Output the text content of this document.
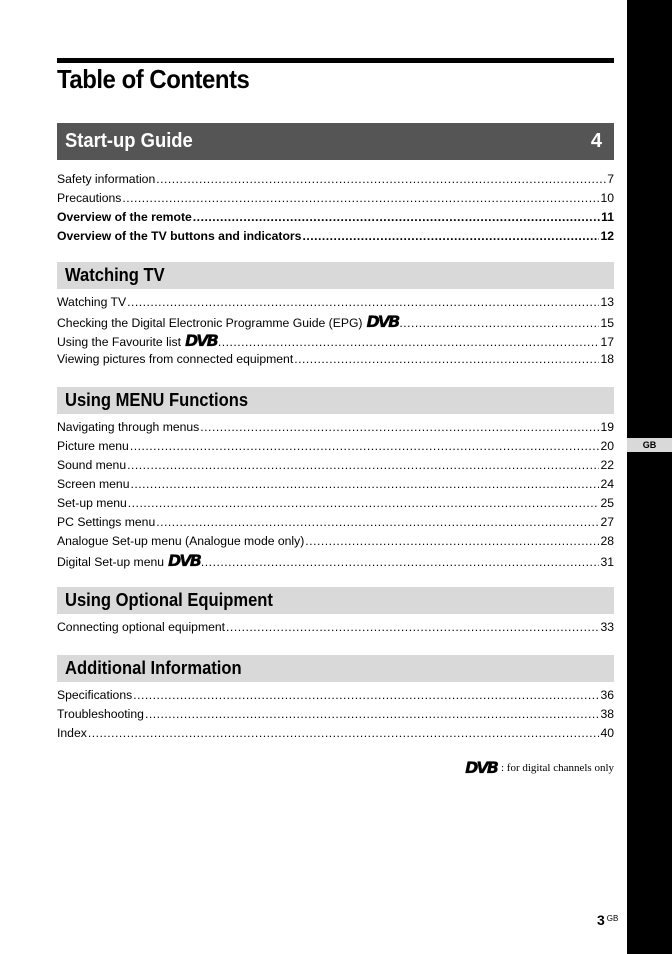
GB
Table of Contents
Start-up Guide	4
Safety information .....	7
Precautions .....	10
Overview of the remote .....	11
Overview of the TV buttons and indicators .....	12
Watching TV
Watching TV .....	13
Checking the Digital Electronic Programme Guide (EPG) DVB .....	15
Using the Favourite list DVB .....	17
Viewing pictures from connected equipment .....	18
Using MENU Functions
Navigating through menus .....	19
Picture menu .....	20
Sound menu .....	22
Screen menu .....	24
Set-up menu .....	25
PC Settings menu .....	27
Analogue Set-up menu (Analogue mode only) .....	28
Digital Set-up menu DVB .....	31
Using Optional Equipment
Connecting optional equipment .....	33
Additional Information
Specifications .....	36
Troubleshooting .....	38
Index .....	40
DVB : for digital channels only
3 $^{GB}$
